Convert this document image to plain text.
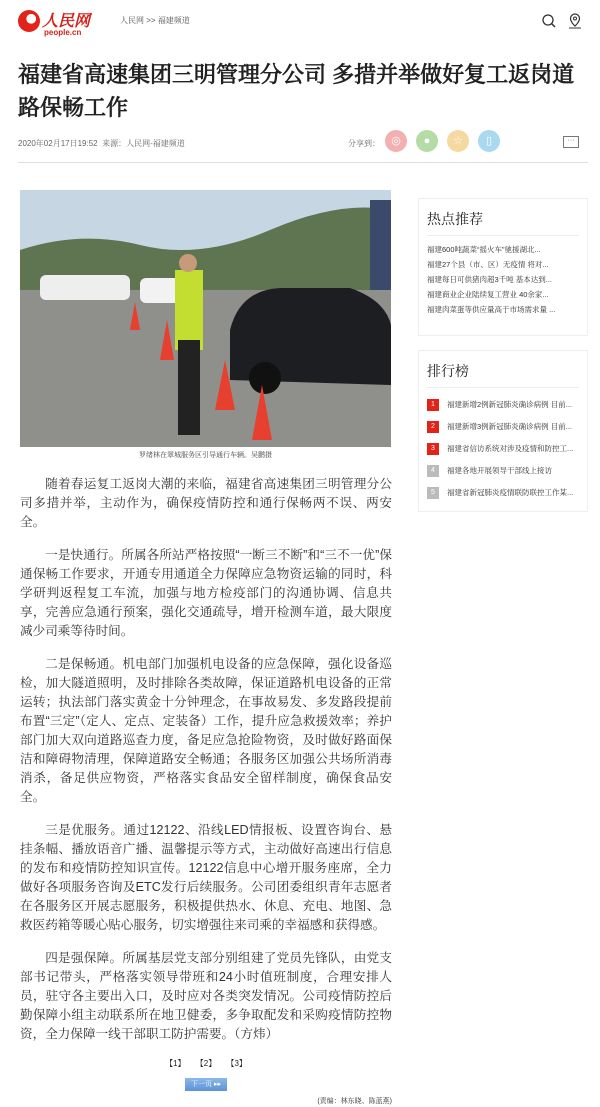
人民网
people.cn
人民网 >> 福建频道
福建省高速集团三明管理分公司 多措并举做好复工返岗道路保畅工作
2020年02月17日19:52 来源：人民网-福建频道	分享到：	◎	●	☆	▯	···
罗绪林在翠城服务区引导通行车辆。吴鹏摄

随着春运复工返岗大潮的来临，福建省高速集团三明管理分公司多措并举，主动作为，确保疫情防控和通行保畅两不误、两安全。

一是快通行。所属各所站严格按照“一断三不断”和“三不一优”保通保畅工作要求，开通专用通道全力保障应急物资运输的同时，科学研判返程复工车流，加强与地方检疫部门的沟通协调、信息共享，完善应急通行预案，强化交通疏导，增开检测车道，最大限度减少司乘等待时间。

二是保畅通。机电部门加强机电设备的应急保障，强化设备巡检，加大隧道照明，及时排除各类故障，保证道路机电设备的正常运转；执法部门落实黄金十分钟理念，在事故易发、多发路段提前布置“三定”（定人、定点、定装备）工作，提升应急救援效率；养护部门加大双向道路巡查力度，备足应急抢险物资，及时做好路面保洁和障碍物清理，保障道路安全畅通；各服务区加强公共场所消毒消杀，备足供应物资，严格落实食品安全留样制度，确保食品安全。

三是优服务。通过12122、沿线LED情报板、设置咨询台、悬挂条幅、播放语音广播、温馨提示等方式，主动做好高速出行信息的发布和疫情防控知识宣传。12122信息中心增开服务座席，全力做好各项服务咨询及ETC发行后续服务。公司团委组织青年志愿者在各服务区开展志愿服务，积极提供热水、休息、充电、地图、急救医药箱等暖心贴心服务，切实增强往来司乘的幸福感和获得感。

四是强保障。所属基层党支部分别组建了党员先锋队，由党支部书记带头，严格落实领导带班和24小时值班制度，合理安排人员，驻守各主要出入口，及时应对各类突发情况。公司疫情防控后勤保障小组主动联系所在地卫健委，多争取配发和采购疫情防控物资，全力保障一线干部职工防护需要。（方炜）

【1】 【2】 【3】
下一页 ▸▸
(责编：林东晓、陈蓝燕)
热点推荐
福建600吨蔬菜“摇火车”驰援湖北...
福建27个县（市、区）无疫情 将对...
福建每日可供猪肉超3千吨 基本达到...
福建商业企业陆续复工营业 40余家...
福建肉菜蛋等供应量高于市场需求量 ...
排行榜
1	福建新增2例新冠肺炎确诊病例 目前...
2	福建新增3例新冠肺炎确诊病例 目前...
3	福建省信访系统对涉及疫情和防控工...
4	福建各地开展领导干部线上接访
5	福建省新冠肺炎疫情联防联控工作某...
